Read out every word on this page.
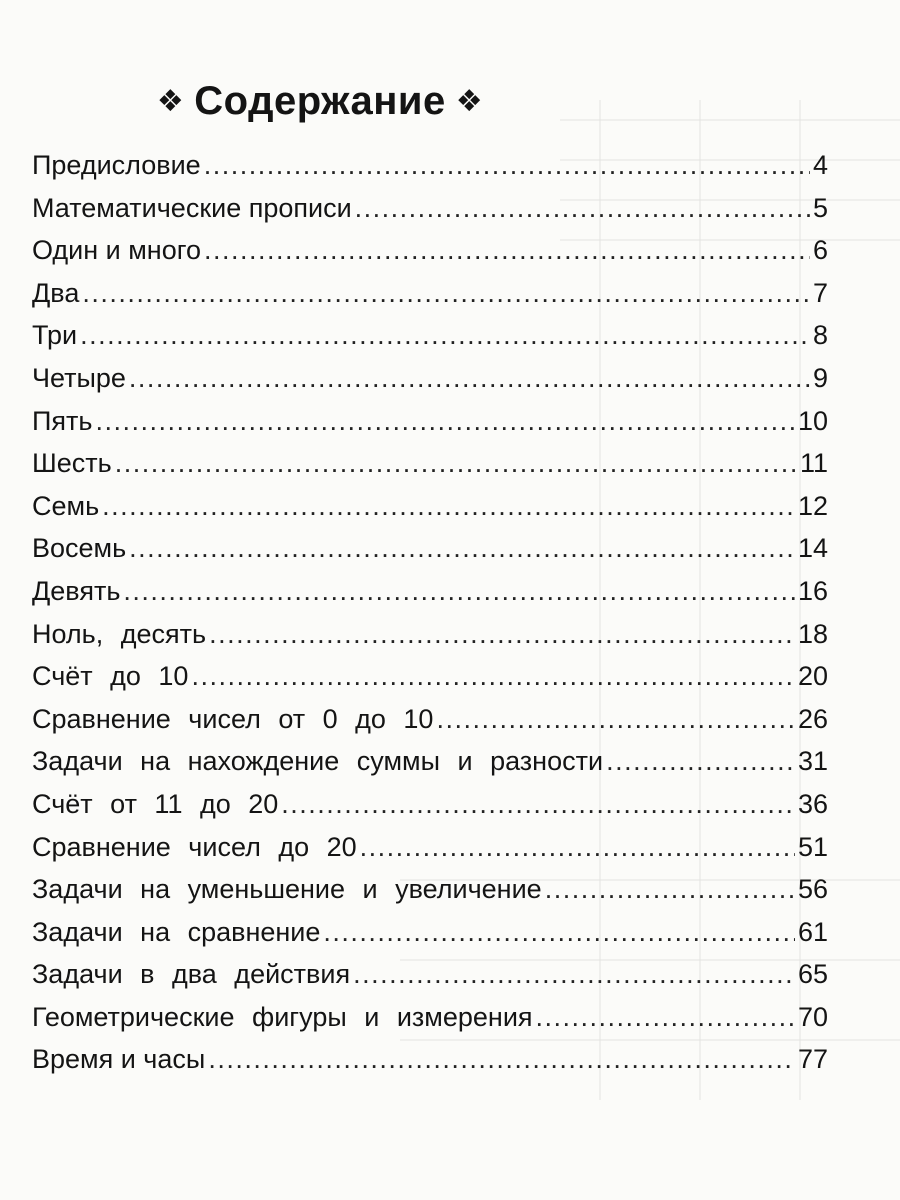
❖ Содержание ❖
Предисловие .....	4
Математические прописи .....	5
Один и много .....	6
Два .....	7
Три .....	8
Четыре .....	9
Пять .....	10
Шесть .....	11
Семь .....	12
Восемь .....	14
Девять .....	16
Ноль, десять .....	18
Счёт до 10 .....	20
Сравнение чисел от 0 до 10 .....	26
Задачи на нахождение суммы и разности .....	31
Счёт от 11 до 20 .....	36
Сравнение чисел до 20 .....	51
Задачи на уменьшение и увеличение .....	56
Задачи на сравнение .....	61
Задачи в два действия .....	65
Геометрические фигуры и измерения .....	70
Время и часы .....	77
